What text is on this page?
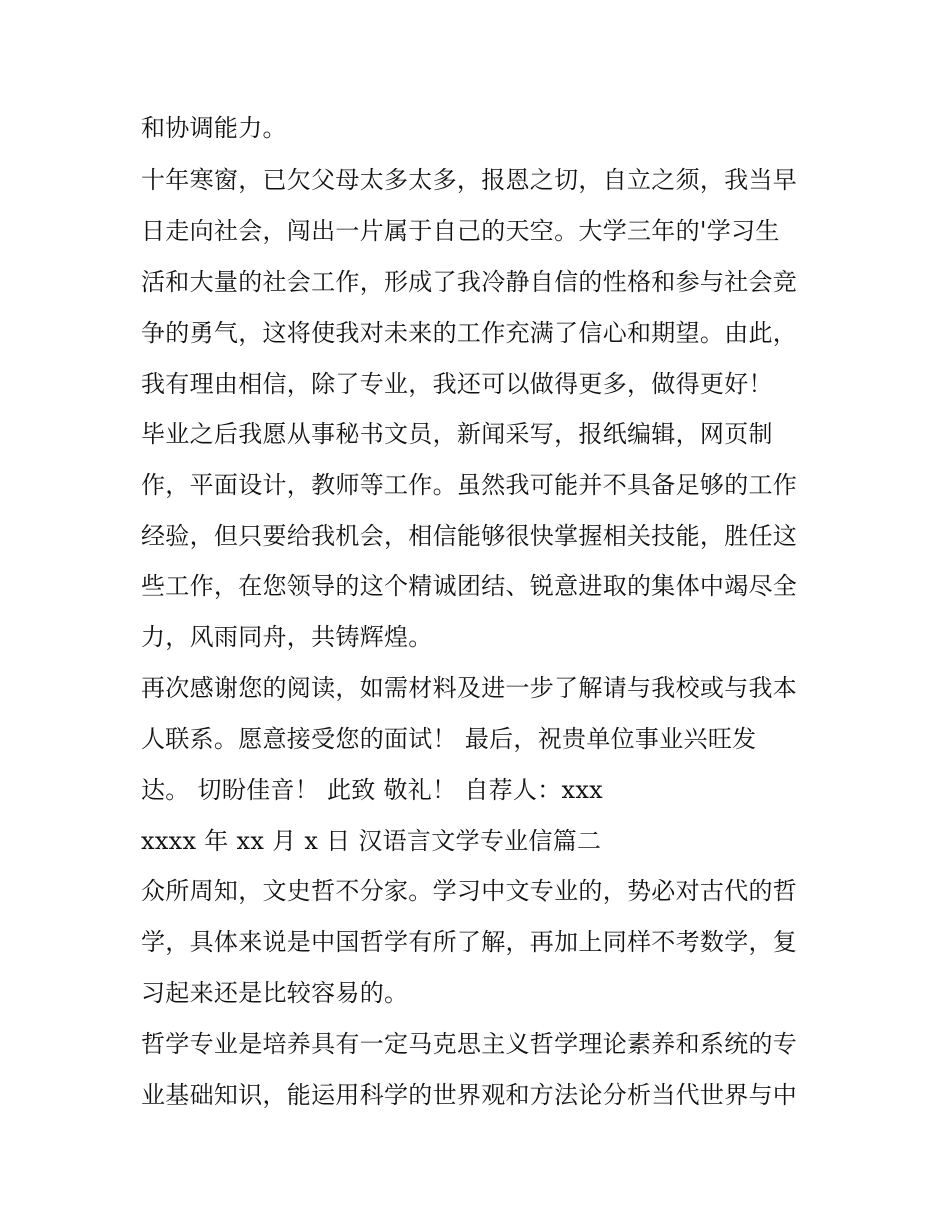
和协调能力。
十年寒窗，已欠父母太多太多，报恩之切，自立之须，我当早
日走向社会，闯出一片属于自己的天空。大学三年的'学习生
活和大量的社会工作，形成了我冷静自信的性格和参与社会竞
争的勇气，这将使我对未来的工作充满了信心和期望。由此，
我有理由相信，除了专业，我还可以做得更多，做得更好！
毕业之后我愿从事秘书文员，新闻采写，报纸编辑，网页制
作，平面设计，教师等工作。虽然我可能并不具备足够的工作
经验，但只要给我机会，相信能够很快掌握相关技能，胜任这
些工作，在您领导的这个精诚团结、锐意进取的集体中竭尽全
力，风雨同舟，共铸辉煌。
再次感谢您的阅读，如需材料及进一步了解请与我校或与我本
人联系。愿意接受您的面试！ 最后，祝贵单位事业兴旺发
达。 切盼佳音！ 此致 敬礼！ 自荐人：xxx
xxxx 年 xx 月 x 日 汉语言文学专业信篇二
众所周知，文史哲不分家。学习中文专业的，势必对古代的哲
学，具体来说是中国哲学有所了解，再加上同样不考数学，复
习起来还是比较容易的。
哲学专业是培养具有一定马克思主义哲学理论素养和系统的专
业基础知识，能运用科学的世界观和方法论分析当代世界与中
